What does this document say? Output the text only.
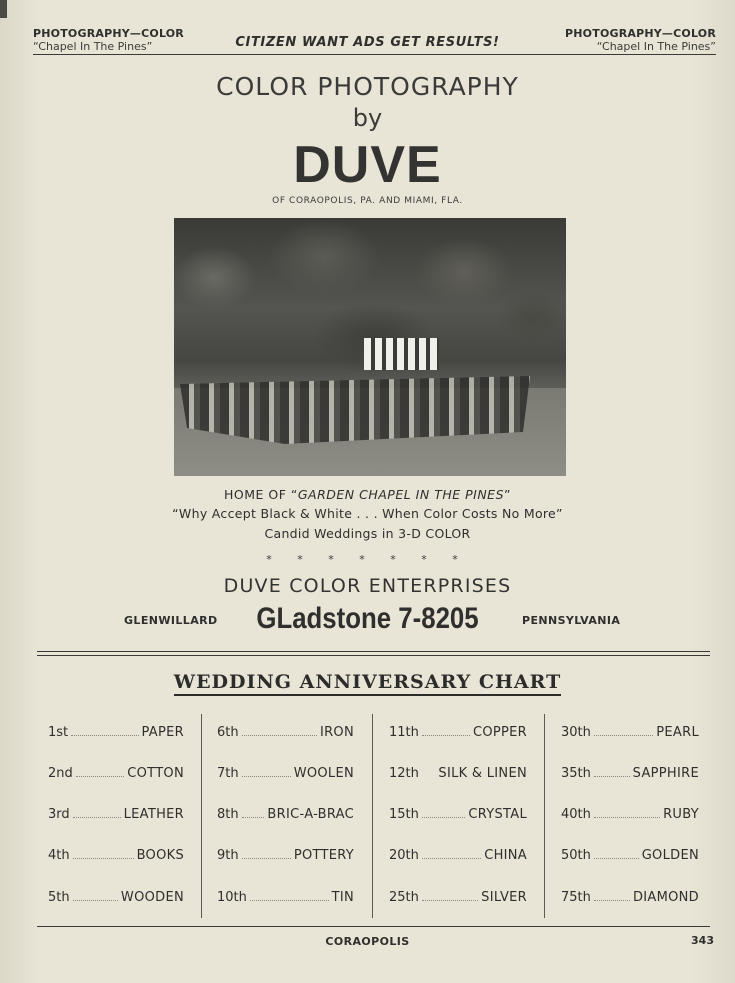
PHOTOGRAPHY—COLOR
“Chapel In The Pines”	CITIZEN WANT ADS GET RESULTS!
PHOTOGRAPHY—COLOR
“Chapel In The Pines”
COLOR PHOTOGRAPHY
by
DUVE
OF CORAOPOLIS, PA. AND MIAMI, FLA.
HOME OF “GARDEN CHAPEL IN THE PINES”
“Why Accept Black & White . . . When Color Costs No More”
Candid Weddings in 3-D COLOR
* * * * * * *
DUVE COLOR ENTERPRISES
GLENWILLARD	GLadstone 7-8205	PENNSYLVANIA
WEDDING ANNIVERSARY CHART
1st	PAPER
2nd	COTTON
3rd	LEATHER
4th	BOOKS
5th	WOODEN
6th	IRON
7th	WOOLEN
8th BRIC-A-BRAC
9th	POTTERY
10th	TIN
11th	COPPER
12th SILK & LINEN
15th	CRYSTAL
20th	CHINA
25th	SILVER
30th	PEARL
35th	SAPPHIRE
40th	RUBY
50th	GOLDEN
75th	DIAMOND
CORAOPOLIS	343
